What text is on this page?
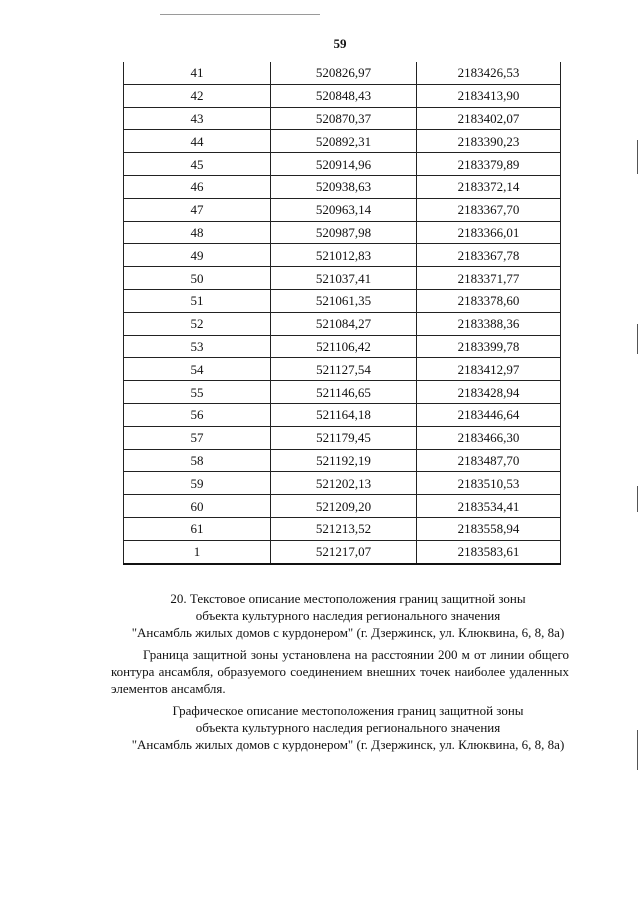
59
41	520826,97	2183426,53
42	520848,43	2183413,90
43	520870,37	2183402,07
44	520892,31	2183390,23
45	520914,96	2183379,89
46	520938,63	2183372,14
47	520963,14	2183367,70
48	520987,98	2183366,01
49	521012,83	2183367,78
50	521037,41	2183371,77
51	521061,35	2183378,60
52	521084,27	2183388,36
53	521106,42	2183399,78
54	521127,54	2183412,97
55	521146,65	2183428,94
56	521164,18	2183446,64
57	521179,45	2183466,30
58	521192,19	2183487,70
59	521202,13	2183510,53
60	521209,20	2183534,41
61	521213,52	2183558,94
1	521217,07	2183583,61
20. Текстовое описание местоположения границ защитной зоны
объекта культурного наследия регионального значения
"Ансамбль жилых домов с курдонером" (г. Дзержинск, ул. Клюквина, 6, 8, 8а)
Граница защитной зоны установлена на расстоянии 200 м от линии общего контура ансамбля, образуемого соединением внешних точек наиболее удаленных элементов ансамбля.
Графическое описание местоположения границ защитной зоны
объекта культурного наследия регионального значения
"Ансамбль жилых домов с курдонером" (г. Дзержинск, ул. Клюквина, 6, 8, 8а)
